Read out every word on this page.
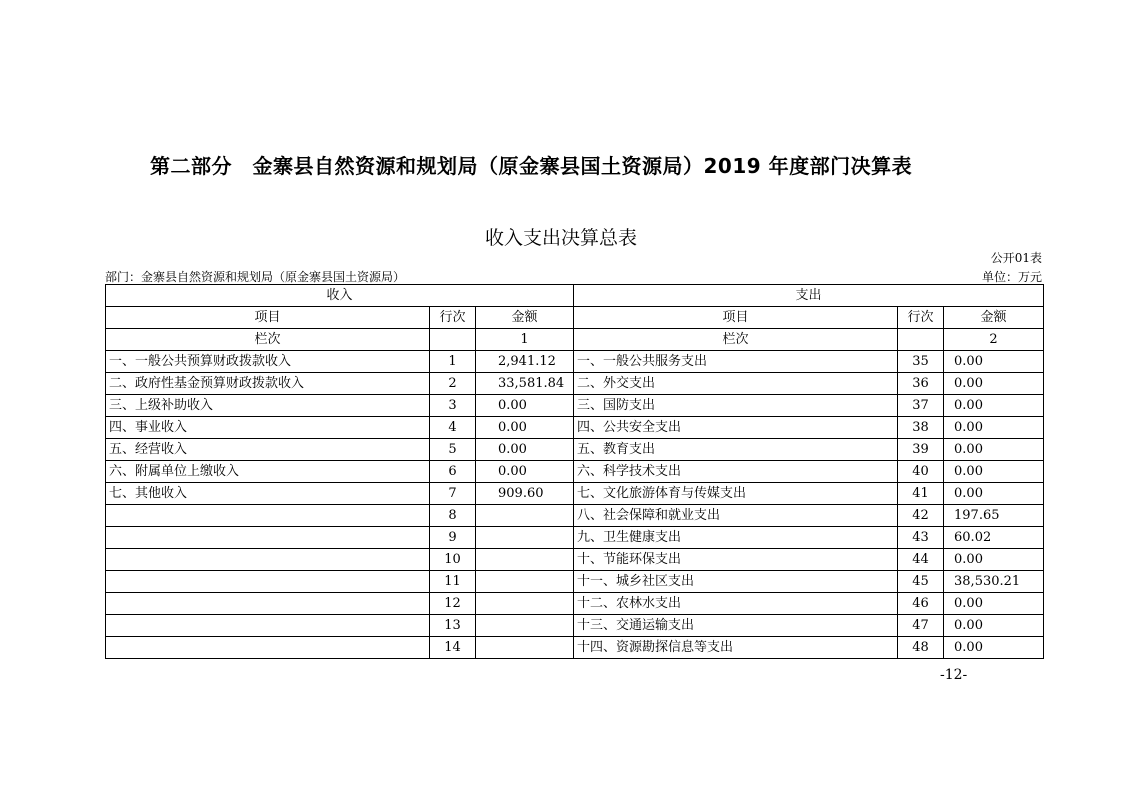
第二部分　金寨县自然资源和规划局（原金寨县国土资源局）2019 年度部门决算表
收入支出决算总表
公开01表
部门：金寨县自然资源和规划局（原金寨县国土资源局）	单位：万元
收入			支出		
项目	行次	金额	项目	行次	金额
栏次		1	栏次		2
一、一般公共预算财政拨款收入	1	2,941.12	一、一般公共服务支出	35	0.00
二、政府性基金预算财政拨款收入	2	33,581.84	二、外交支出	36	0.00
三、上级补助收入	3	0.00	三、国防支出	37	0.00
四、事业收入	4	0.00	四、公共安全支出	38	0.00
五、经营收入	5	0.00	五、教育支出	39	0.00
六、附属单位上缴收入	6	0.00	六、科学技术支出	40	0.00
七、其他收入	7	909.60	七、文化旅游体育与传媒支出	41	0.00
	8		八、社会保障和就业支出	42	197.65
	9		九、卫生健康支出	43	60.02
	10		十、节能环保支出	44	0.00
	11		十一、城乡社区支出	45	38,530.21
	12		十二、农林水支出	46	0.00
	13		十三、交通运输支出	47	0.00
	14		十四、资源勘探信息等支出	48	0.00
-12-
